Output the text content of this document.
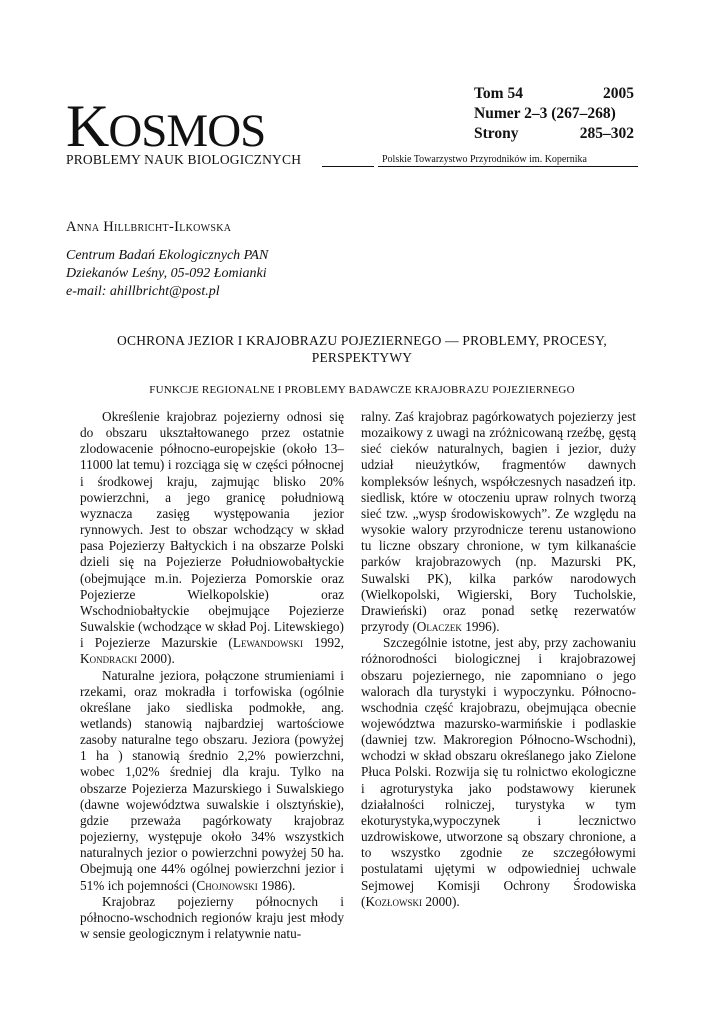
KOSMOS
PROBLEMY NAUK BIOLOGICZNYCH	Polskie Towarzystwo Przyrodników im. Kopernika
Tom 54	2005
Numer 2–3 (267–268)
Strony	285–302
Anna Hillbricht-Ilkowska
Centrum Badań Ekologicznych PAN
Dziekanów Leśny, 05-092 Łomianki
e-mail: ahillbricht@post.pl
OCHRONA JEZIOR I KRAJOBRAZU POJEZIERNEGO — PROBLEMY, PROCESY, PERSPEKTYWY
FUNKCJE REGIONALNE I PROBLEMY BADAWCZE KRAJOBRAZU POJEZIERNEGO

Określenie krajobraz pojezierny odnosi się do obszaru ukształtowanego przez ostatnie zlodowacenie północno-europejskie (około 13–11000 lat temu) i rozciąga się w części północnej i środkowej kraju, zajmując blisko 20% powierzchni, a jego granicę południową wyznacza zasięg występowania jezior rynnowych. Jest to obszar wchodzący w skład pasa Pojezierzy Bałtyckich i na obszarze Polski dzieli się na Pojezierze Południowobałtyckie (obejmujące m.in. Pojezierza Pomorskie oraz Pojezierze Wielkopolskie) oraz Wschodniobałtyckie obejmujące Pojezierze Suwalskie (wchodzące w skład Poj. Litewskiego) i Pojezierze Mazurskie (Lewandowski 1992, Kondracki 2000).

Naturalne jeziora, połączone strumieniami i rzekami, oraz mokradła i torfowiska (ogólnie określane jako siedliska podmokłe, ang. wetlands) stanowią najbardziej wartościowe zasoby naturalne tego obszaru. Jeziora (powyżej 1 ha ) stanowią średnio 2,2% powierzchni, wobec 1,02% średniej dla kraju. Tylko na obszarze Pojezierza Mazurskiego i Suwalskiego (dawne województwa suwalskie i olsztyńskie), gdzie przeważa pagórkowaty krajobraz pojezierny, występuje około 34% wszystkich naturalnych jezior o powierzchni powyżej 50 ha. Obejmują one 44% ogólnej powierzchni jezior i 51% ich pojemności (Chojnowski 1986).

Krajobraz pojezierny północnych i północno-wschodnich regionów kraju jest młody w sensie geologicznym i relatywnie natu-

ralny. Zaś krajobraz pagórkowatych pojezierzy jest mozaikowy z uwagi na zróżnicowaną rzeźbę, gęstą sieć cieków naturalnych, bagien i jezior, duży udział nieużytków, fragmentów dawnych kompleksów leśnych, współczesnych nasadzeń itp. siedlisk, które w otoczeniu upraw rolnych tworzą sieć tzw. „wysp środowiskowych”. Ze względu na wysokie walory przyrodnicze terenu ustanowiono tu liczne obszary chronione, w tym kilkanaście parków krajobrazowych (np. Mazurski PK, Suwalski PK), kilka parków narodowych (Wielkopolski, Wigierski, Bory Tucholskie, Drawieński) oraz ponad setkę rezerwatów przyrody (Olaczek 1996).

Szczególnie istotne, jest aby, przy zachowaniu różnorodności biologicznej i krajobrazowej obszaru pojeziernego, nie zapomniano o jego walorach dla turystyki i wypoczynku. Północno-wschodnia część krajobrazu, obejmująca obecnie województwa mazursko-warmińskie i podlaskie (dawniej tzw. Makroregion Północno-Wschodni), wchodzi w skład obszaru określanego jako Zielone Płuca Polski. Rozwija się tu rolnictwo ekologiczne i agroturystyka jako podstawowy kierunek działalności rolniczej, turystyka w tym ekoturystyka,wypoczynek i lecznictwo uzdrowiskowe, utworzone są obszary chronione, a to wszystko zgodnie ze szczegółowymi postulatami ujętymi w odpowiedniej uchwale Sejmowej Komisji Ochrony Środowiska (Kozłowski 2000).
